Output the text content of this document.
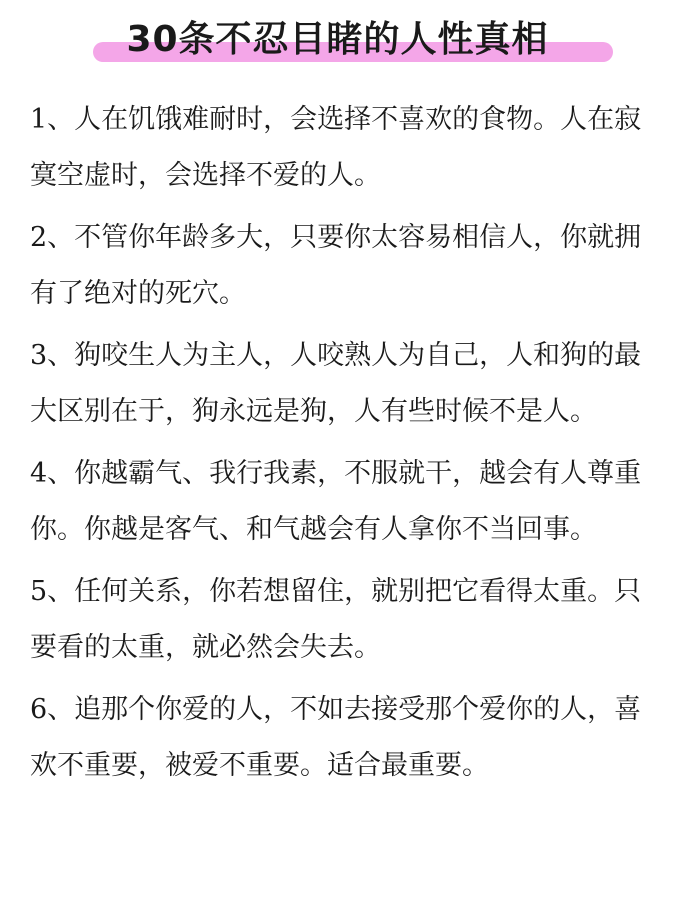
30条不忍目睹的人性真相
1、人在饥饿难耐时，会选择不喜欢的食物。人在寂寞空虚时，会选择不爱的人。
2、不管你年龄多大，只要你太容易相信人，你就拥有了绝对的死穴。
3、狗咬生人为主人，人咬熟人为自己，人和狗的最大区别在于，狗永远是狗，人有些时候不是人。
4、你越霸气、我行我素，不服就干，越会有人尊重你。你越是客气、和气越会有人拿你不当回事。
5、任何关系，你若想留住，就别把它看得太重。只要看的太重，就必然会失去。
6、追那个你爱的人，不如去接受那个爱你的人，喜欢不重要，被爱不重要。适合最重要。
